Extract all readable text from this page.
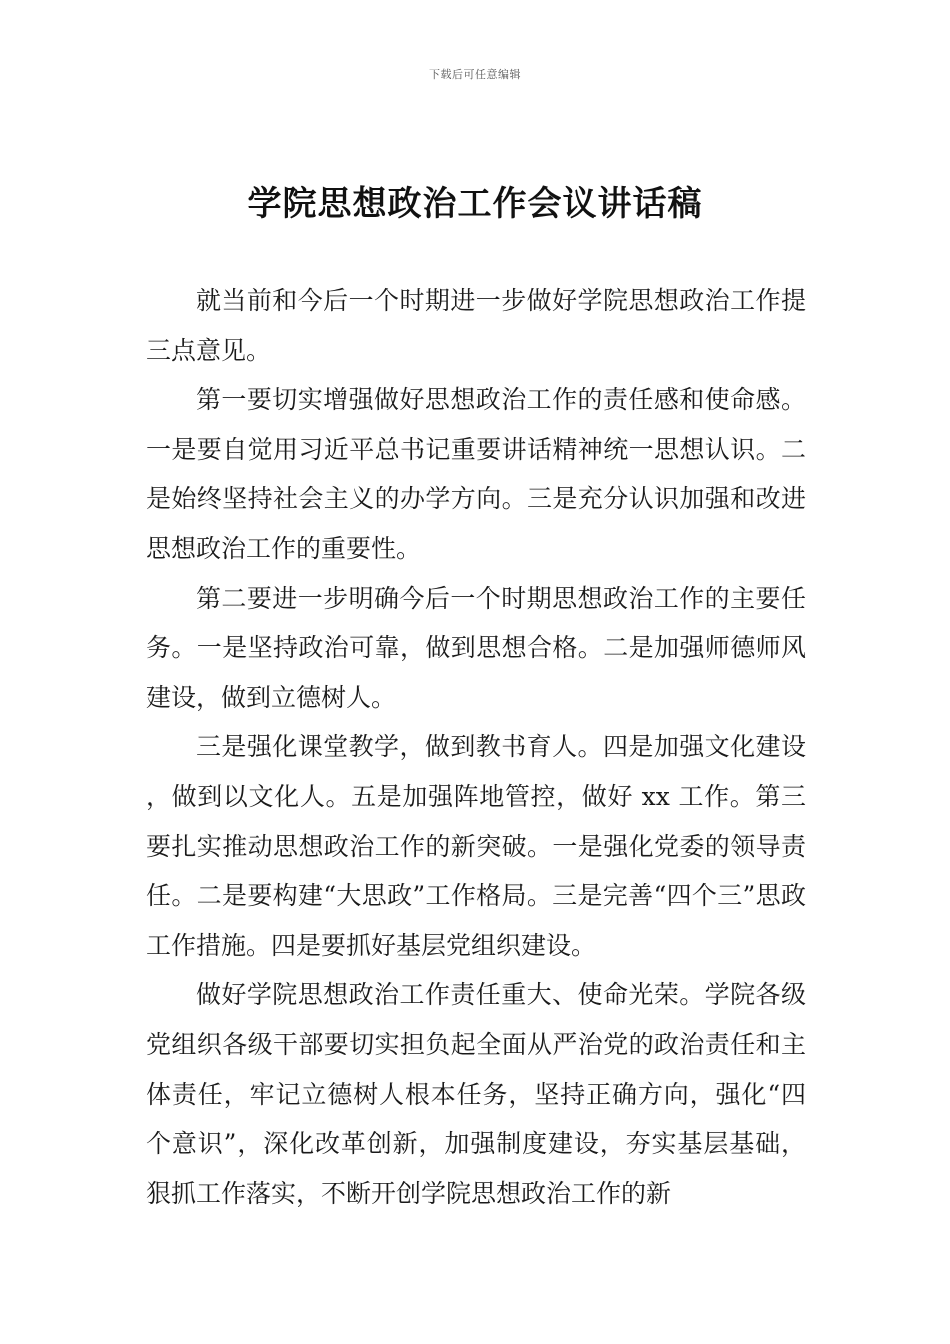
下载后可任意编辑
学院思想政治工作会议讲话稿

就当前和今后一个时期进一步做好学院思想政治工作提三点意见。

第一要切实增强做好思想政治工作的责任感和使命感。一是要自觉用习近平总书记重要讲话精神统一思想认识。二是始终坚持社会主义的办学方向。三是充分认识加强和改进思想政治工作的重要性。

第二要进一步明确今后一个时期思想政治工作的主要任务。一是坚持政治可靠，做到思想合格。二是加强师德师风建设，做到立德树人。

三是强化课堂教学，做到教书育人。四是加强文化建设，做到以文化人。五是加强阵地管控，做好 xx 工作。第三要扎实推动思想政治工作的新突破。一是强化党委的领导责任。二是要构建“大思政”工作格局。三是完善“四个三”思政工作措施。四是要抓好基层党组织建设。

做好学院思想政治工作责任重大、使命光荣。学院各级党组织各级干部要切实担负起全面从严治党的政治责任和主体责任，牢记立德树人根本任务，坚持正确方向，强化“四个意识”，深化改革创新，加强制度建设，夯实基层基础，狠抓工作落实，不断开创学院思想政治工作的新
